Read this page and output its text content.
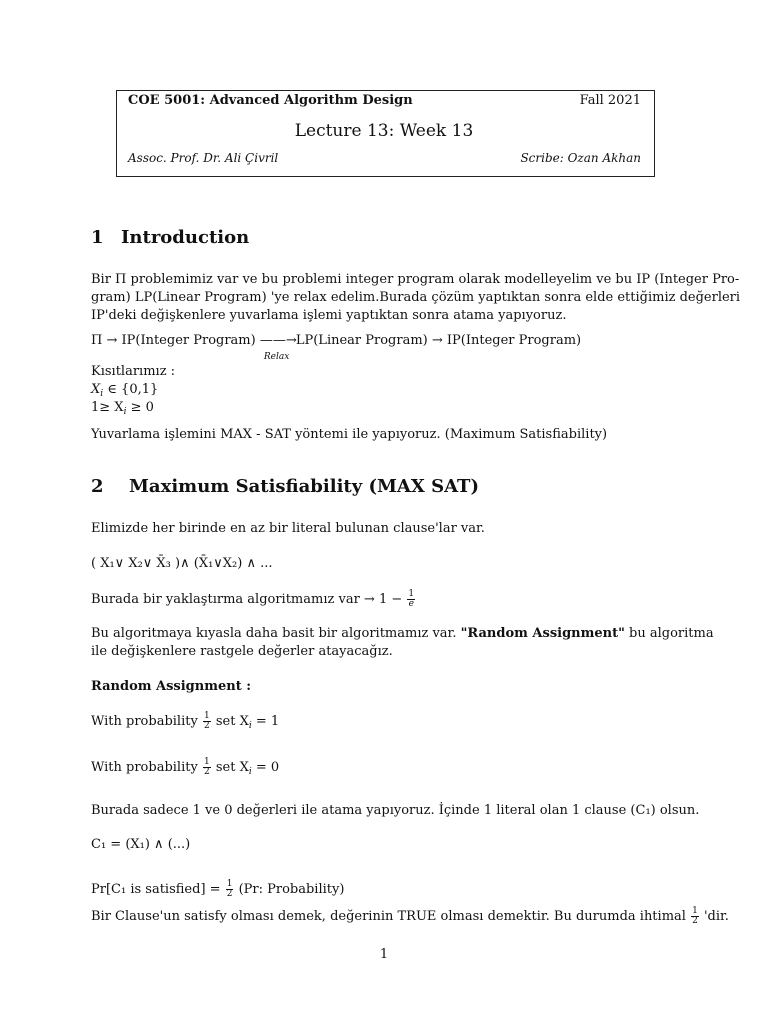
COE 5001: Advanced Algorithm Design	Fall 2021
Lecture 13: Week 13
Assoc. Prof. Dr. Ali Çivril	Scribe: Ozan Akhan
1 Introduction
Bir Π problemimiz var ve bu problemi integer program olarak modelleyelim ve bu IP (Integer Pro-
gram) LP(Linear Program) 'ye relax edelim.Burada çözüm yaptıktan sonra elde ettiğimiz değerleri
IP'deki değişkenlere yuvarlama işlemi yaptıktan sonra atama yapıyoruz.
Π → IP(Integer Program) ——→
Relax
LP(Linear Program) → IP(Integer Program)
Kısıtlarımız :
$X_i$ ∈ {0,1}
$1\ge X_i \ge 0$
Yuvarlama işlemini MAX - SAT yöntemi ile yapıyoruz. (Maximum Satisfiability)
2 Maximum Satisfiability (MAX SAT)
Elimizde her birinde en az bir literal bulunan clause'lar var.
( X₁∨ X₂∨ X̄₃ )∧ (X̄₁∨X₂) ∧ ...
Burada bir yaklaştırma algoritmamız var → $1 - \frac{1}{e}$
Bu algoritmaya kıyasla daha basit bir algoritmamız var. "Random Assignment" bu algoritma
ile değişkenlere rastgele değerler atayacağız.
Random Assignment :
With probability $\frac{1}{2}$ set $X_i = 1$
With probability $\frac{1}{2}$ set $X_i = 0$
Burada sadece 1 ve 0 değerleri ile atama yapıyoruz. İçinde 1 literal olan 1 clause (C₁) olsun.
C₁ = (X₁) ∧ (...)
Pr[C₁ is satisfied] = $\frac{1}{2} (Pr$: Probability)
Bir Clause'un satisfy olması demek, değerinin TRUE olması demektir. Bu durumda ihtimal $\frac{1}{2}$ 'dir.
1
